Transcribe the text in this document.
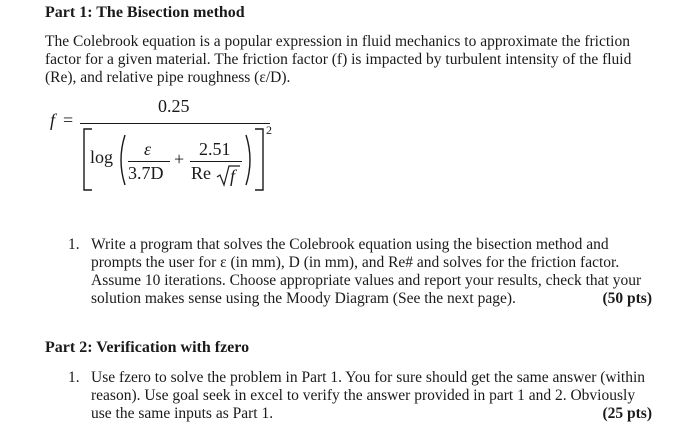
Part 1: The Bisection method
The Colebrook equation is a popular expression in fluid mechanics to approximate the friction
factor for a given material. The friction factor (f) is impacted by turbulent intensity of the fluid
(Re), and relative pipe roughness (ε/D).
f =
0.25
2
log ε
3.7D
+ 2.51
Re f
1. Write a program that solves the Colebrook equation using the bisection method and
prompts the user for ε (in mm), D (in mm), and Re# and solves for the friction factor.
Assume 10 iterations. Choose appropriate values and report your results, check that your
solution makes sense using the Moody Diagram (See the next page).	(50 pts)
Part 2: Verification with fzero
1. Use fzero to solve the problem in Part 1. You for sure should get the same answer (within
reason). Use goal seek in excel to verify the answer provided in part 1 and 2. Obviously
use the same inputs as Part 1.	(25 pts)
